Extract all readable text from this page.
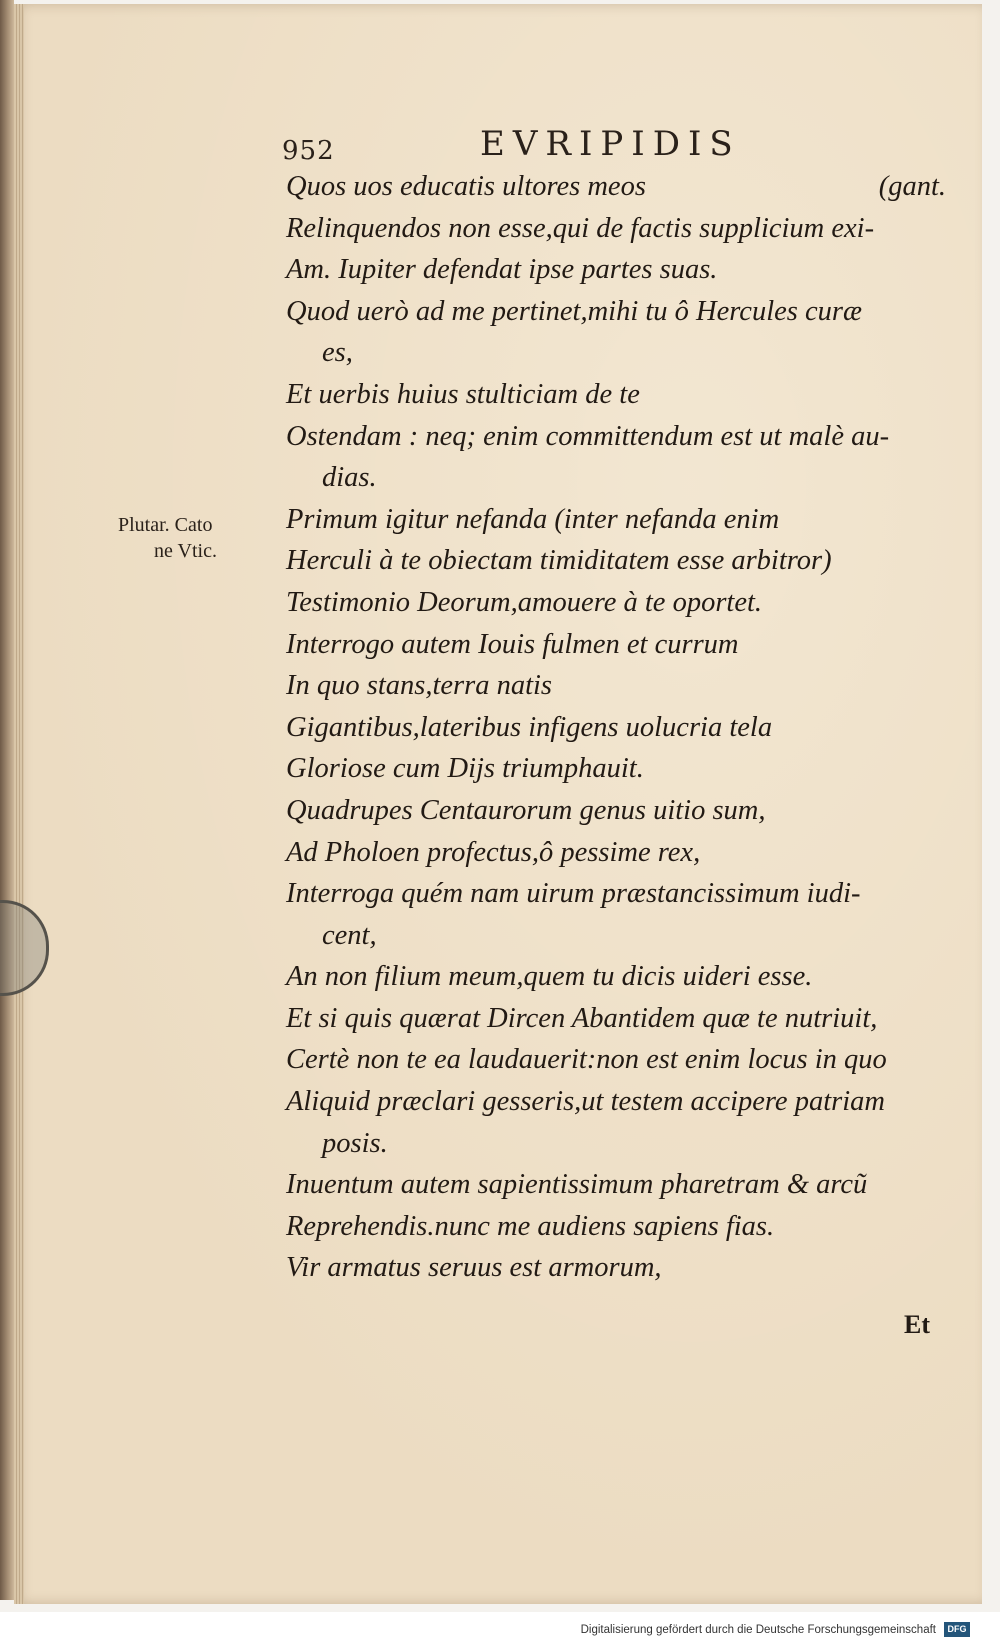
952	EVRIPIDIS
Plutar. Cato
ne Vtic.
Quos uos educatis ultores meos	(gant.
Relinquendos non esse,qui de factis supplicium exi-
Am. Iupiter defendat ipse partes suas.
Quod uerò ad me pertinet,mihi tu ô Hercules curæ
es,
Et uerbis huius stulticiam de te
Ostendam : neq; enim committendum est ut malè au-
dias.
Primum igitur nefanda (inter nefanda enim
Herculi à te obiectam timiditatem esse arbitror)
Testimonio Deorum,amouere à te oportet.
Interrogo autem Iouis fulmen et currum
In quo stans,terra natis
Gigantibus,lateribus infigens uolucria tela
Gloriose cum Dijs triumphauit.
Quadrupes Centaurorum genus uitio sum,
Ad Pholoen profectus,ô pessime rex,
Interroga quém nam uirum præstancissimum iudi-
cent,
An non filium meum,quem tu dicis uideri esse.
Et si quis quærat Dircen Abantidem quæ te nutriuit,
Certè non te ea laudauerit:non est enim locus in quo
Aliquid præclari gesseris,ut testem accipere patriam
posis.
Inuentum autem sapientissimum pharetram & arcũ
Reprehendis.nunc me audiens sapiens fias.
Vir armatus seruus est armorum,
Et
Digitalisierung gefördert durch die Deutsche Forschungsgemeinschaft	DFG
